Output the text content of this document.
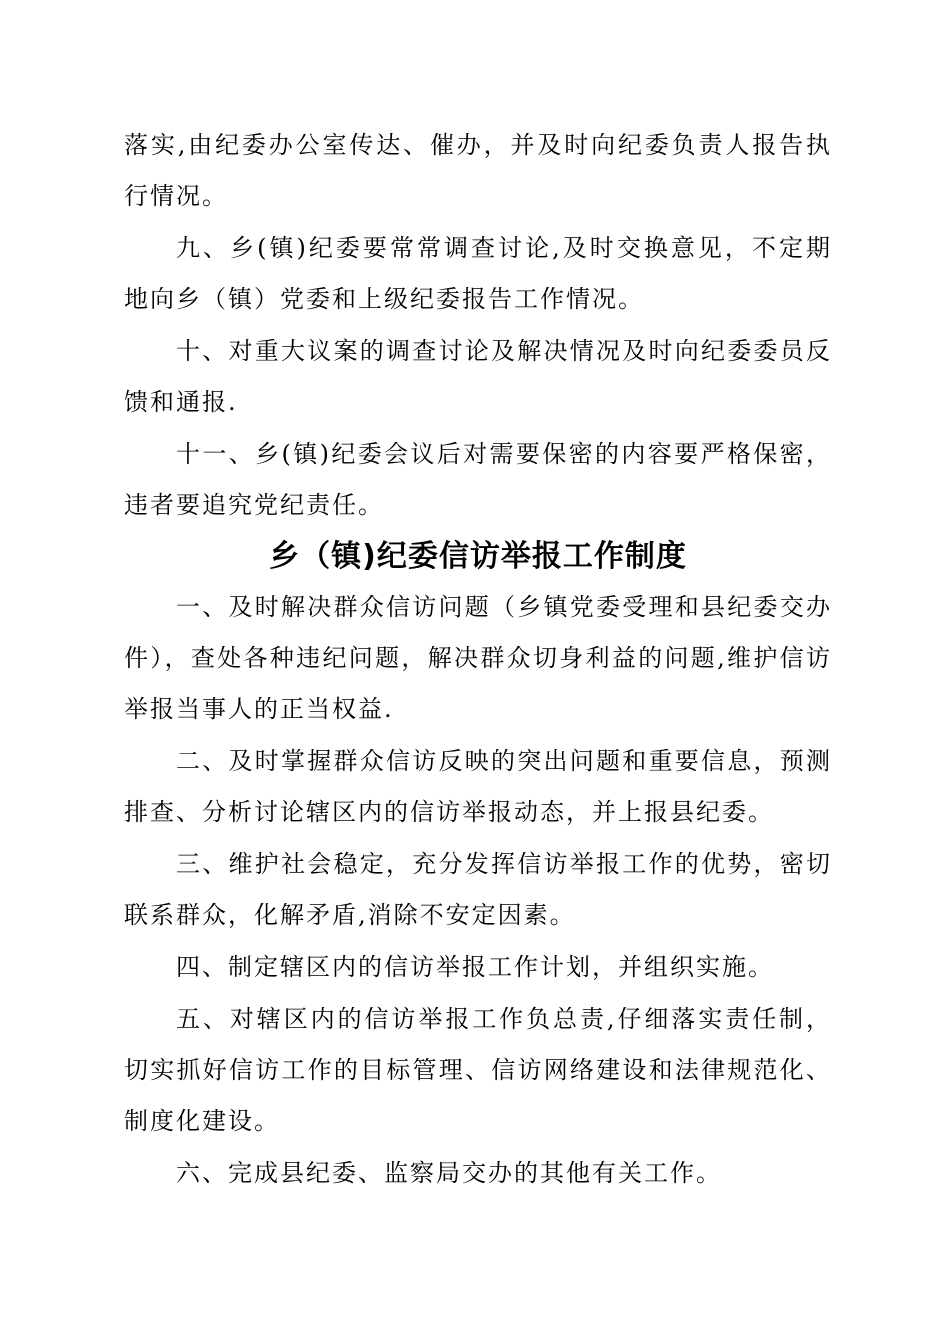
落实,由纪委办公室传达、催办，并及时向纪委负责人报告执行情况。

九、乡(镇)纪委要常常调查讨论,及时交换意见，不定期地向乡（镇）党委和上级纪委报告工作情况。

十、对重大议案的调查讨论及解决情况及时向纪委委员反馈和通报.

十一、乡(镇)纪委会议后对需要保密的内容要严格保密，违者要追究党纪责任。

乡（镇)纪委信访举报工作制度

一、及时解决群众信访问题（乡镇党委受理和县纪委交办件），查处各种违纪问题，解决群众切身利益的问题,维护信访举报当事人的正当权益.

二、及时掌握群众信访反映的突出问题和重要信息，预测排查、分析讨论辖区内的信访举报动态，并上报县纪委。

三、维护社会稳定，充分发挥信访举报工作的优势，密切联系群众，化解矛盾,消除不安定因素。

四、制定辖区内的信访举报工作计划，并组织实施。

五、对辖区内的信访举报工作负总责,仔细落实责任制，切实抓好信访工作的目标管理、信访网络建设和法律规范化、制度化建设。

六、完成县纪委、监察局交办的其他有关工作。
